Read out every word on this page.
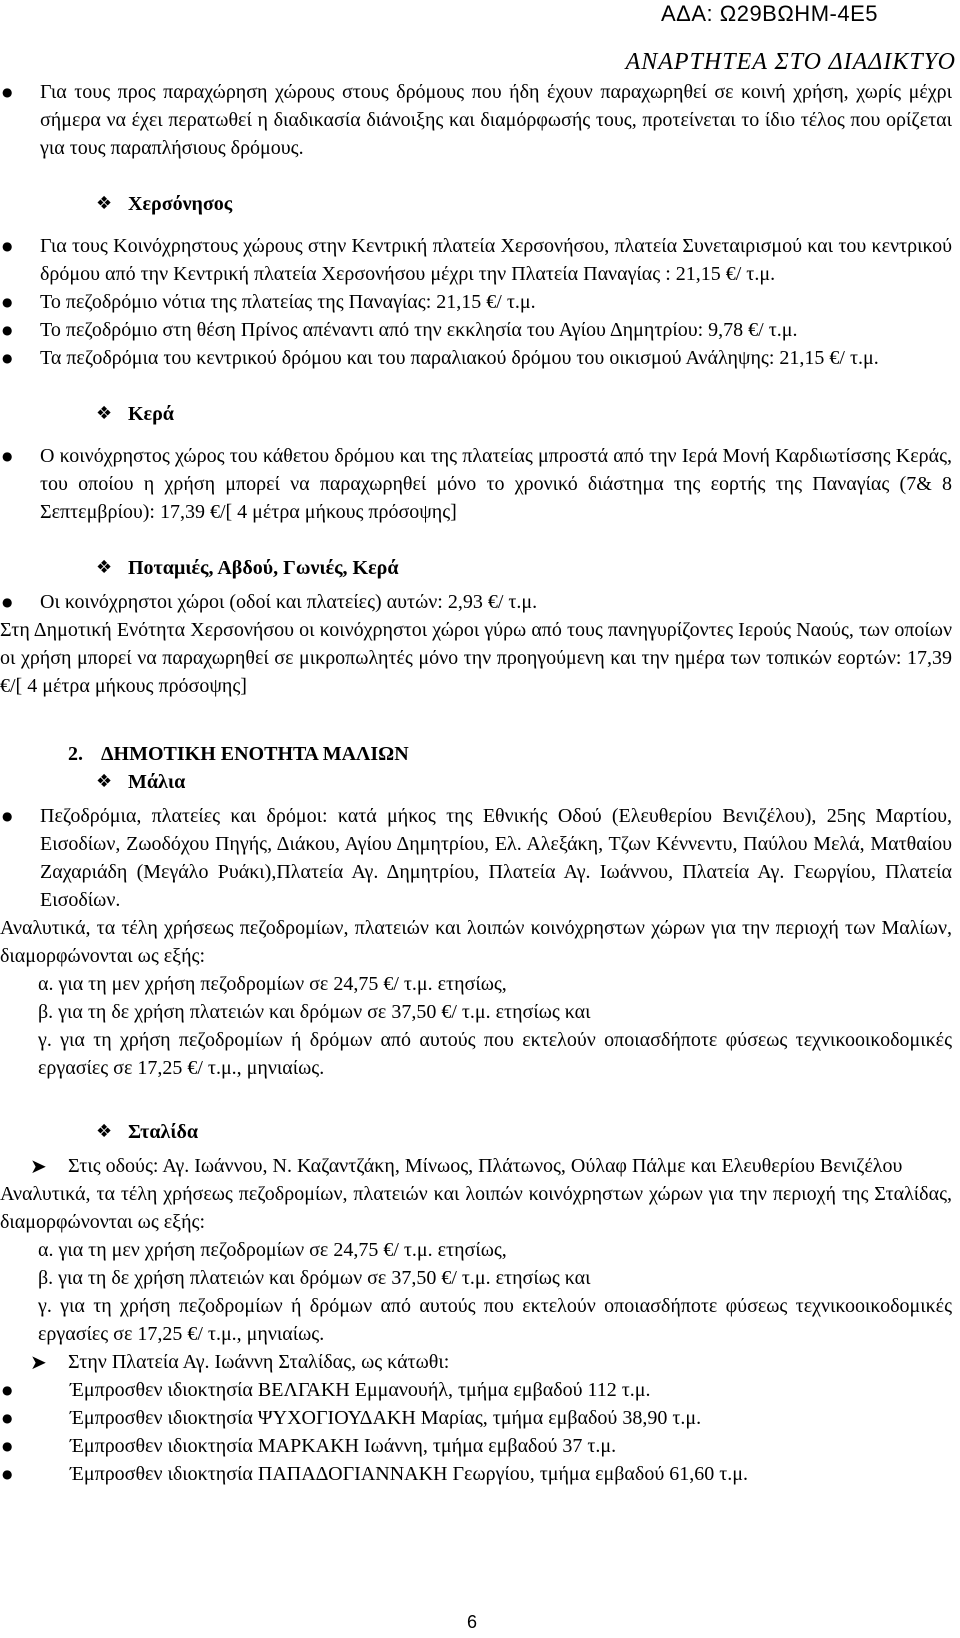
ΑΔΑ: Ω29ΒΩΗΜ-4Ε5
ΑΝΑΡΤΗΤΕΑ ΣΤΟ ΔΙΑΔΙΚΤΥΟ

● Για τους προς παραχώρηση χώρους στους δρόμους που ήδη έχουν παραχωρηθεί σε κοινή χρήση, χωρίς μέχρι σήμερα να έχει περατωθεί η διαδικασία διάνοιξης και διαμόρφωσής τους, προτείνεται το ίδιο τέλος που ορίζεται για τους παραπλήσιους δρόμους.

❖ Χερσόνησος

● Για τους Κοινόχρηστους χώρους στην Κεντρική πλατεία Χερσονήσου, πλατεία Συνεταιρισμού και του κεντρικού δρόμου από την Κεντρική πλατεία Χερσονήσου μέχρι την Πλατεία Παναγίας : 21,15 €/ τ.μ.

● Το πεζοδρόμιο νότια της πλατείας της Παναγίας: 21,15 €/ τ.μ.

● Το πεζοδρόμιο στη θέση Πρίνος απέναντι από την εκκλησία του Αγίου Δημητρίου: 9,78 €/ τ.μ.

● Τα πεζοδρόμια του κεντρικού δρόμου και του παραλιακού δρόμου του οικισμού Ανάληψης: 21,15 €/ τ.μ.

❖ Κερά

● Ο κοινόχρηστος χώρος του κάθετου δρόμου και της πλατείας μπροστά από την Ιερά Μονή Καρδιωτίσσης Κεράς, του οποίου η χρήση μπορεί να παραχωρηθεί μόνο το χρονικό διάστημα της εορτής της Παναγίας (7& 8 Σεπτεμβρίου): 17,39 €/[ 4 μέτρα μήκους πρόσοψης]

❖ Ποταμιές, Αβδού, Γωνιές, Κερά

● Οι κοινόχρηστοι χώροι (οδοί και πλατείες) αυτών: 2,93 €/ τ.μ.

Στη Δημοτική Ενότητα Χερσονήσου οι κοινόχρηστοι χώροι γύρω από τους πανηγυρίζοντες Ιερούς Ναούς, των οποίων οι χρήση μπορεί να παραχωρηθεί σε μικροπωλητές μόνο την προηγούμενη και την ημέρα των τοπικών εορτών: 17,39 €/[ 4 μέτρα μήκους πρόσοψης]

2. ΔΗΜΟΤΙΚΗ ΕΝΟΤΗΤΑ ΜΑΛΙΩΝ

❖ Μάλια

● Πεζοδρόμια, πλατείες και δρόμοι: κατά μήκος της Εθνικής Οδού (Ελευθερίου Βενιζέλου), 25ης Μαρτίου, Εισοδίων, Ζωοδόχου Πηγής, Διάκου, Αγίου Δημητρίου, Ελ. Αλεξάκη, Τζων Κέννεντυ, Παύλου Μελά, Ματθαίου Ζαχαριάδη (Μεγάλο Ρυάκι),Πλατεία Αγ. Δημητρίου, Πλατεία Αγ. Ιωάννου, Πλατεία Αγ. Γεωργίου, Πλατεία Εισοδίων.

Αναλυτικά, τα τέλη χρήσεως πεζοδρομίων, πλατειών και λοιπών κοινόχρηστων χώρων για την περιοχή των Μαλίων, διαμορφώνονται ως εξής:

α. για τη μεν χρήση πεζοδρομίων σε 24,75 €/ τ.μ. ετησίως,

β. για τη δε χρήση πλατειών και δρόμων σε 37,50 €/ τ.μ. ετησίως και

γ. για τη χρήση πεζοδρομίων ή δρόμων από αυτούς που εκτελούν οποιασδήποτε φύσεως τεχνικοοικοδομικές εργασίες σε 17,25 €/ τ.μ., μηνιαίως.

❖ Σταλίδα

➤ Στις οδούς: Αγ. Ιωάννου, Ν. Καζαντζάκη, Μίνωος, Πλάτωνος, Ούλαφ Πάλμε και Ελευθερίου Βενιζέλου

Αναλυτικά, τα τέλη χρήσεως πεζοδρομίων, πλατειών και λοιπών κοινόχρηστων χώρων για την περιοχή της Σταλίδας, διαμορφώνονται ως εξής:

α. για τη μεν χρήση πεζοδρομίων σε 24,75 €/ τ.μ. ετησίως,

β. για τη δε χρήση πλατειών και δρόμων σε 37,50 €/ τ.μ. ετησίως και

γ. για τη χρήση πεζοδρομίων ή δρόμων από αυτούς που εκτελούν οποιασδήποτε φύσεως τεχνικοοικοδομικές εργασίες σε 17,25 €/ τ.μ., μηνιαίως.

➤ Στην Πλατεία Αγ. Ιωάννη Σταλίδας, ως κάτωθι:

● Έμπροσθεν ιδιοκτησία ΒΕΛΓΑΚΗ Εμμανουήλ, τμήμα εμβαδού 112 τ.μ.

● Έμπροσθεν ιδιοκτησία ΨΥΧΟΓΙΟΥΔΑΚΗ Μαρίας, τμήμα εμβαδού 38,90 τ.μ.

● Έμπροσθεν ιδιοκτησία ΜΑΡΚΑΚΗ Ιωάννη, τμήμα εμβαδού 37 τ.μ.

● Έμπροσθεν ιδιοκτησία ΠΑΠΑΔΟΓΙΑΝΝΑΚΗ Γεωργίου, τμήμα εμβαδού 61,60 τ.μ.

6
